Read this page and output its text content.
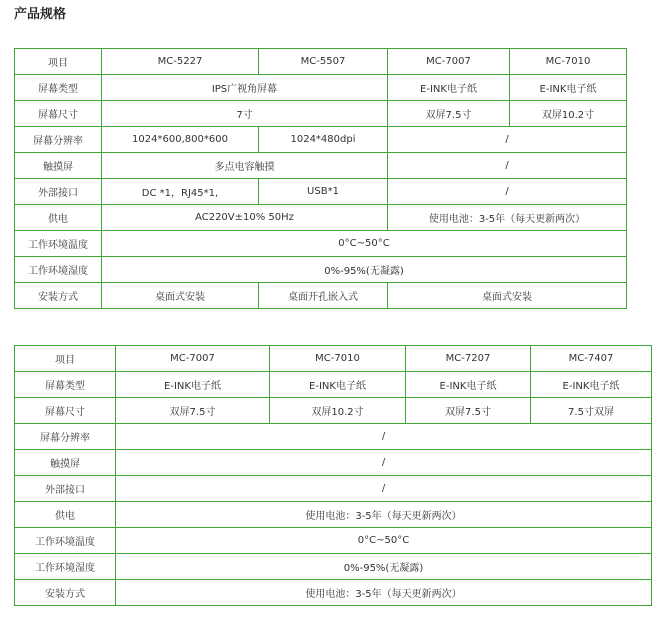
产品规格
项目	MC-5227	MC-5507	MC-7007	MC-7010
屏幕类型	IPS广视角屏幕		E-INK电子纸	E-INK电子纸
屏幕尺寸	7寸		双屏7.5寸	双屏10.2寸
屏幕分辨率	1024*600,800*600	1024*480dpi	/	
触摸屏	多点电容触摸		/	
外部接口	DC *1，RJ45*1,	USB*1	/	
供电	AC220V±10% 50Hz		使用电池：3-5年（每天更新两次）	
工作环境温度	0°C~50°C			
工作环境湿度	0%-95%(无凝露)			
安装方式	桌面式安装	桌面开孔嵌入式	桌面式安装	
项目	MC-7007	MC-7010	MC-7207	MC-7407
屏幕类型	E-INK电子纸	E-INK电子纸	E-INK电子纸	E-INK电子纸
屏幕尺寸	双屏7.5寸	双屏10.2寸	双屏7.5寸	7.5寸双屏
屏幕分辨率	/			
触摸屏	/			
外部接口	/			
供电	使用电池：3-5年（每天更新两次）			
工作环境温度	0°C~50°C			
工作环境湿度	0%-95%(无凝露)			
安装方式	使用电池：3-5年（每天更新两次）			
